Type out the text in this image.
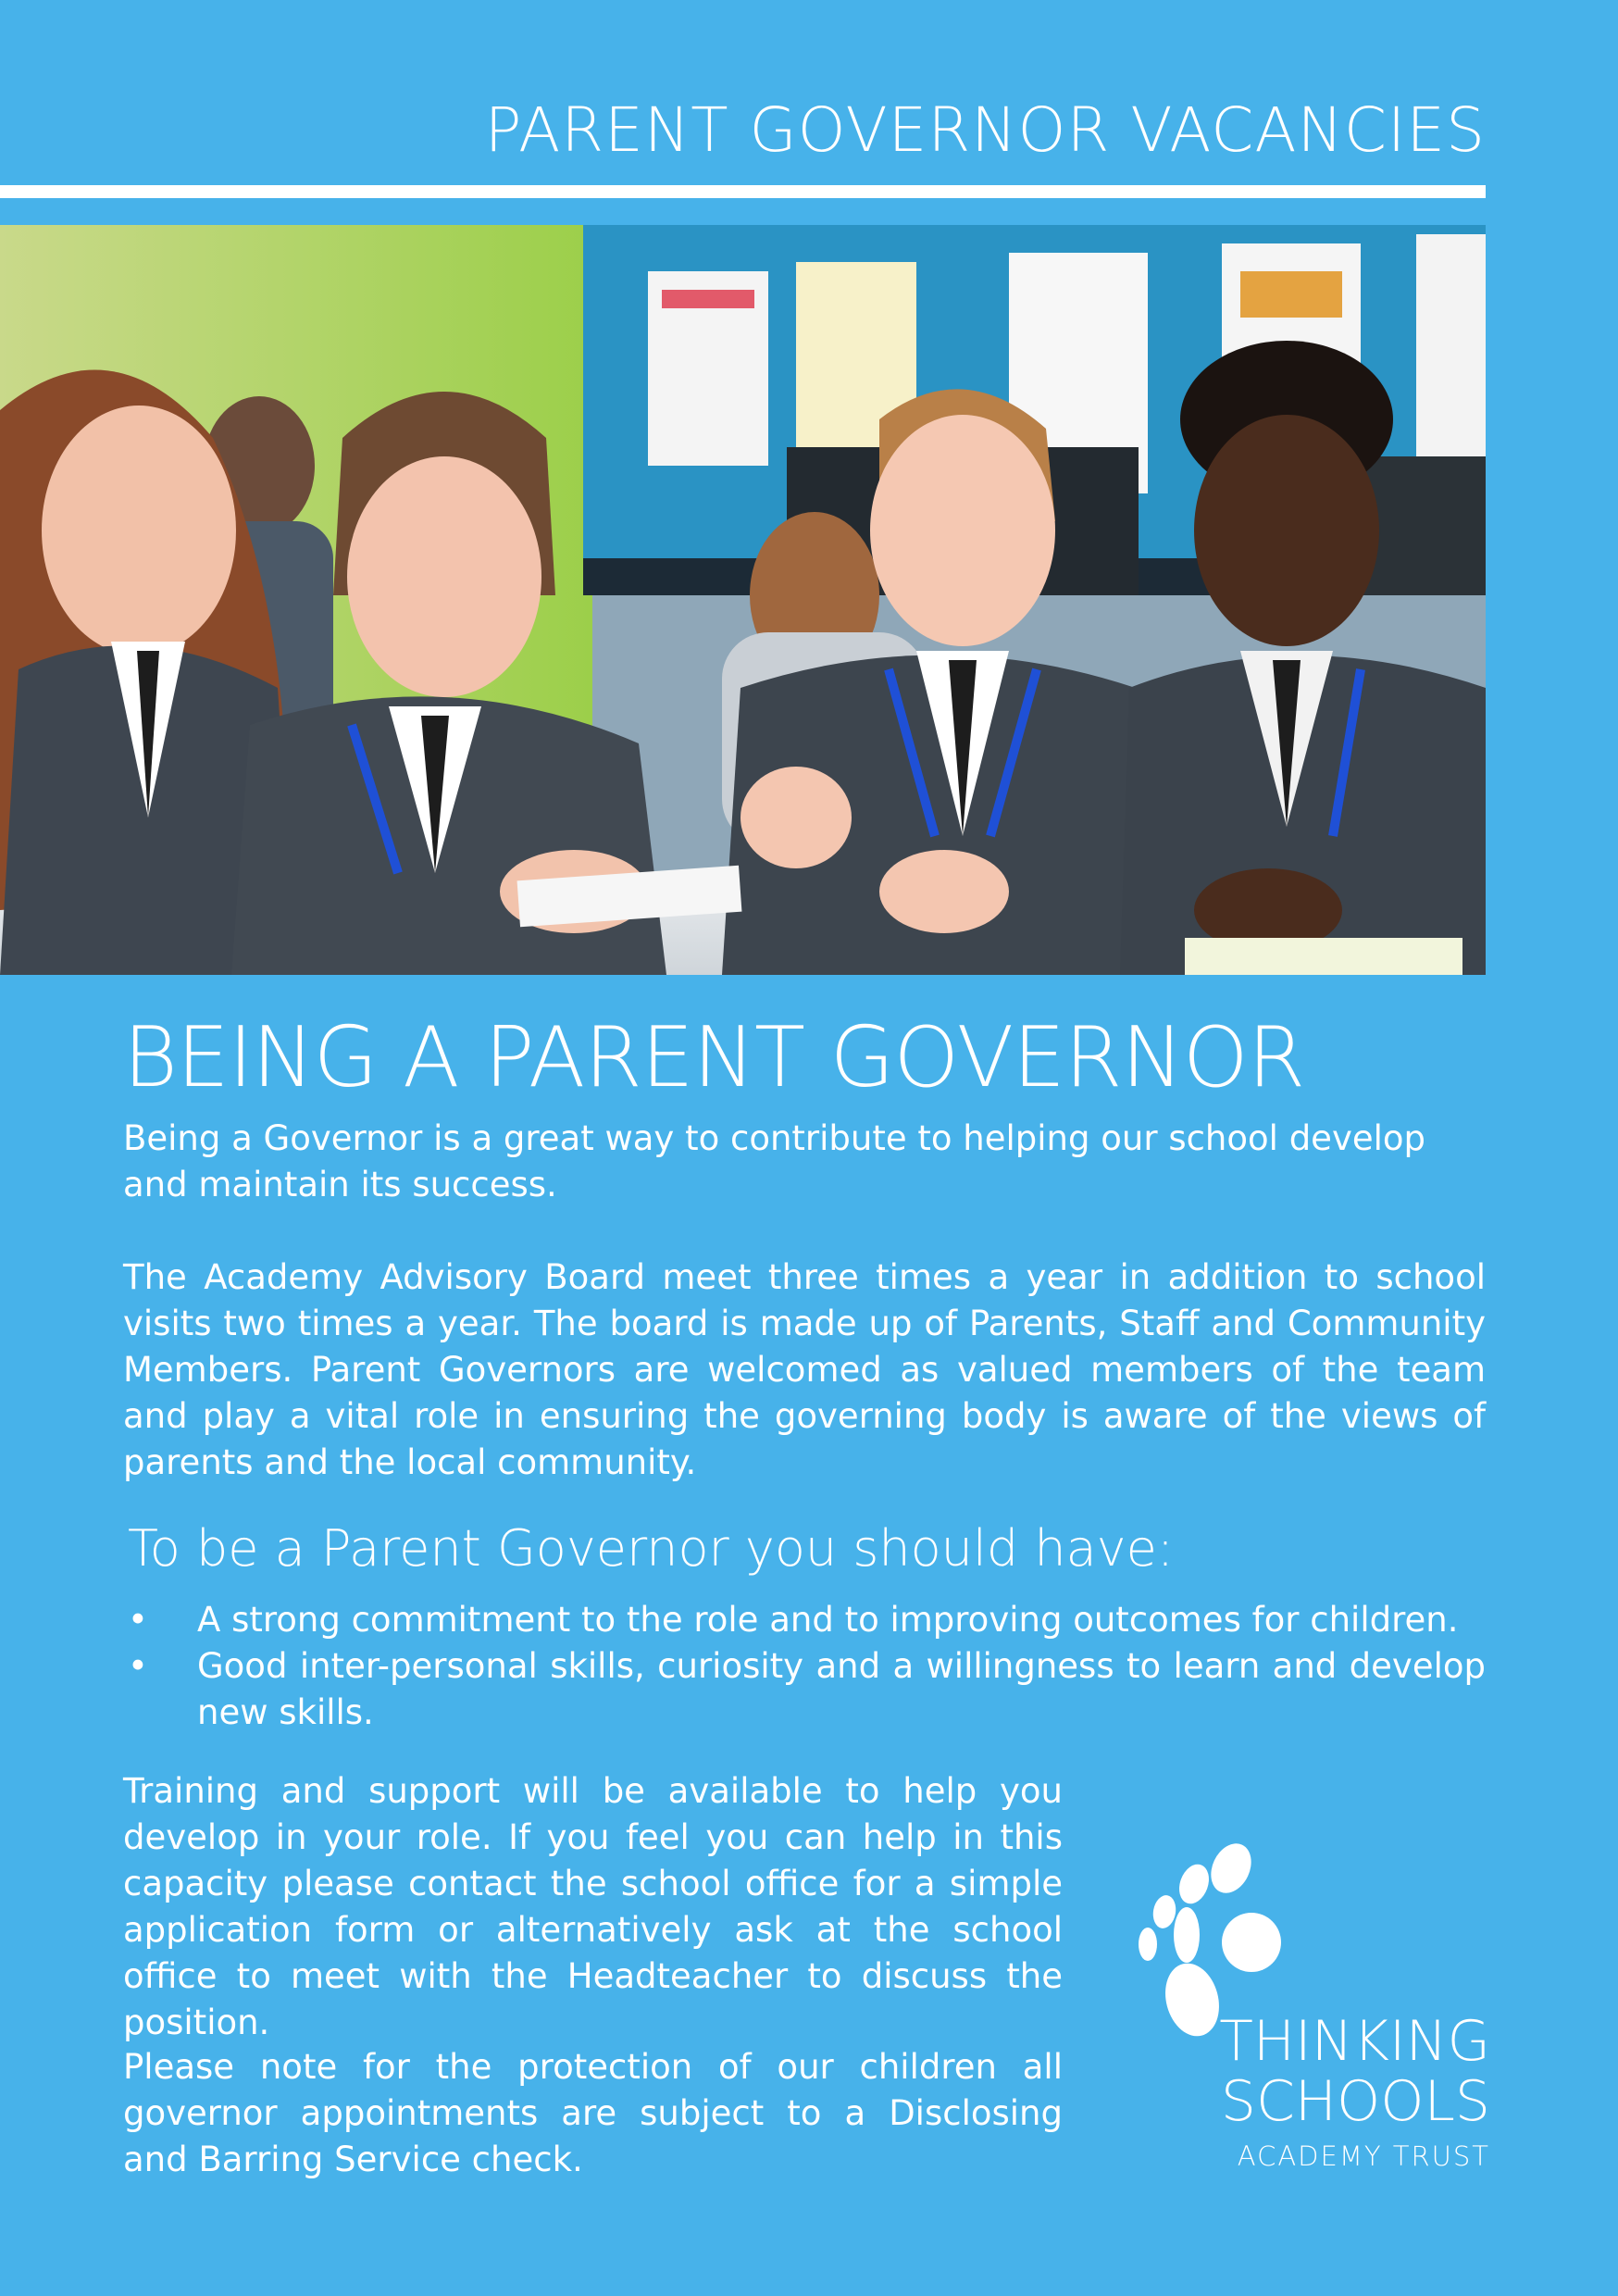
PARENT GOVERNOR VACANCIES
BEING A PARENT GOVERNOR

Being a Governor is a great way to contribute to helping our school develop and maintain its success.

The Academy Advisory Board meet three times a year in addition to school visits two times a year. The board is made up of Parents, Staff and Community Members. Parent Governors are welcomed as valued members of the team and play a vital role in ensuring the governing body is aware of the views of parents and the local community.

To be a Parent Governor you should have:
• A strong commitment to the role and to improving outcomes for children.
• Good inter-personal skills, curiosity and a willingness to learn and develop new skills.

Training and support will be available to help you develop in your role. If you feel you can help in this capacity please contact the school office for a simple application form or alternatively ask at the school office to meet with the Headteacher to discuss the position.

Please note for the protection of our children all governor appointments are subject to a Disclosing and Barring Service check.

THINKING
SCHOOLS
ACADEMY TRUST
